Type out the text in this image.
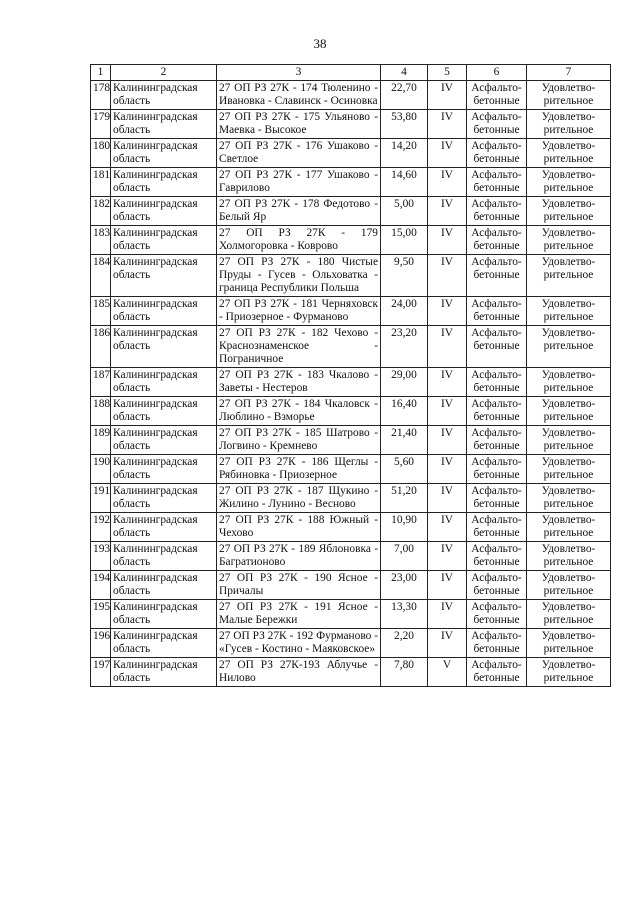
38
1	2	3	4	5	6	7
178	Калининградская область	27 ОП РЗ 27К - 174 Тюленино - Ивановка - Славинск - Осиновка	22,70	IV	Асфальто-бетонные	Удовлетво-рительное
179	Калининградская область	27 ОП РЗ 27К - 175 Ульяново - Маевка - Высокое	53,80	IV	Асфальто-бетонные	Удовлетво-рительное
180	Калининградская область	27 ОП РЗ 27К - 176 Ушаково - Светлое	14,20	IV	Асфальто-бетонные	Удовлетво-рительное
181	Калининградская область	27 ОП РЗ 27К - 177 Ушаково - Гаврилово	14,60	IV	Асфальто-бетонные	Удовлетво-рительное
182	Калининградская область	27 ОП РЗ 27К - 178 Федотово - Белый Яр	5,00	IV	Асфальто-бетонные	Удовлетво-рительное
183	Калининградская область	27 ОП РЗ 27К - 179 Холмогоровка - Коврово	15,00	IV	Асфальто-бетонные	Удовлетво-рительное
184	Калининградская область	27 ОП РЗ 27К - 180 Чистые Пруды - Гусев - Ольховатка - граница Республики Польша	9,50	IV	Асфальто-бетонные	Удовлетво-рительное
185	Калининградская область	27 ОП РЗ 27К - 181 Черняховск - Приозерное - Фурманово	24,00	IV	Асфальто-бетонные	Удовлетво-рительное
186	Калининградская область	27 ОП РЗ 27К - 182 Чехово - Краснознаменское - Пограничное	23,20	IV	Асфальто-бетонные	Удовлетво-рительное
187	Калининградская область	27 ОП РЗ 27К - 183 Чкалово - Заветы - Нестеров	29,00	IV	Асфальто-бетонные	Удовлетво-рительное
188	Калининградская область	27 ОП РЗ 27К - 184 Чкаловск - Люблино - Взморье	16,40	IV	Асфальто-бетонные	Удовлетво-рительное
189	Калининградская область	27 ОП РЗ 27К - 185 Шатрово - Логвино - Кремнево	21,40	IV	Асфальто-бетонные	Удовлетво-рительное
190	Калининградская область	27 ОП РЗ 27К - 186 Щеглы - Рябиновка - Приозерное	5,60	IV	Асфальто-бетонные	Удовлетво-рительное
191	Калининградская область	27 ОП РЗ 27К - 187 Щукино - Жилино - Лунино - Весново	51,20	IV	Асфальто-бетонные	Удовлетво-рительное
192	Калининградская область	27 ОП РЗ 27К - 188 Южный - Чехово	10,90	IV	Асфальто-бетонные	Удовлетво-рительное
193	Калининградская область	27 ОП РЗ 27К - 189 Яблоновка - Багратионово	7,00	IV	Асфальто-бетонные	Удовлетво-рительное
194	Калининградская область	27 ОП РЗ 27К - 190 Ясное - Причалы	23,00	IV	Асфальто-бетонные	Удовлетво-рительное
195	Калининградская область	27 ОП РЗ 27К - 191 Ясное - Малые Бережки	13,30	IV	Асфальто-бетонные	Удовлетво-рительное
196	Калининградская область	27 ОП РЗ 27К - 192 Фурманово - «Гусев - Костино - Маяковское»	2,20	IV	Асфальто-бетонные	Удовлетво-рительное
197	Калининградская область	27 ОП РЗ 27К-193 Аблучье - Нилово	7,80	V	Асфальто-бетонные	Удовлетво-рительное
